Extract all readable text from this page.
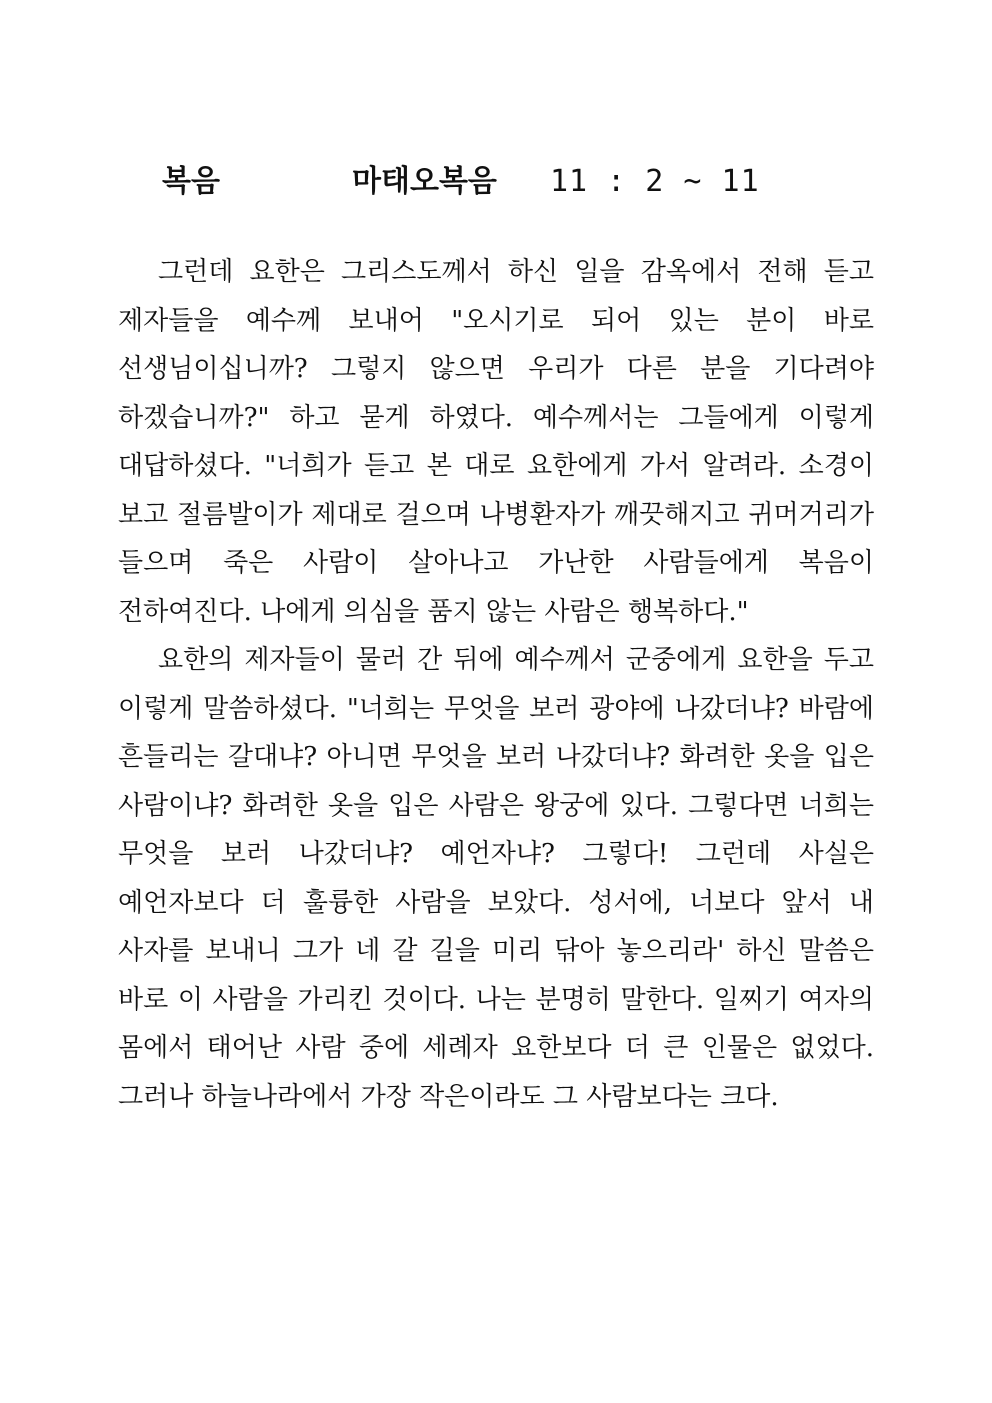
복음	마태오복음 11 : 2 ~ 11

그런데 요한은 그리스도께서 하신 일을 감옥에서 전해 듣고 제자들을 예수께 보내어 "오시기로 되어 있는 분이 바로 선생님이십니까? 그렇지 않으면 우리가 다른 분을 기다려야 하겠습니까?" 하고 묻게 하였다. 예수께서는 그들에게 이렇게 대답하셨다. "너희가 듣고 본 대로 요한에게 가서 알려라. 소경이 보고 절름발이가 제대로 걸으며 나병환자가 깨끗해지고 귀머거리가 들으며 죽은 사람이 살아나고 가난한 사람들에게 복음이 전하여진다. 나에게 의심을 품지 않는 사람은 행복하다."

요한의 제자들이 물러 간 뒤에 예수께서 군중에게 요한을 두고 이렇게 말씀하셨다. "너희는 무엇을 보러 광야에 나갔더냐? 바람에 흔들리는 갈대냐? 아니면 무엇을 보러 나갔더냐? 화려한 옷을 입은 사람이냐? 화려한 옷을 입은 사람은 왕궁에 있다. 그렇다면 너희는 무엇을 보러 나갔더냐? 예언자냐? 그렇다! 그런데 사실은 예언자보다 더 훌륭한 사람을 보았다. 성서에, 너보다 앞서 내 사자를 보내니 그가 네 갈 길을 미리 닦아 놓으리라' 하신 말씀은 바로 이 사람을 가리킨 것이다. 나는 분명히 말한다. 일찌기 여자의 몸에서 태어난 사람 중에 세례자 요한보다 더 큰 인물은 없었다. 그러나 하늘나라에서 가장 작은이라도 그 사람보다는 크다.
